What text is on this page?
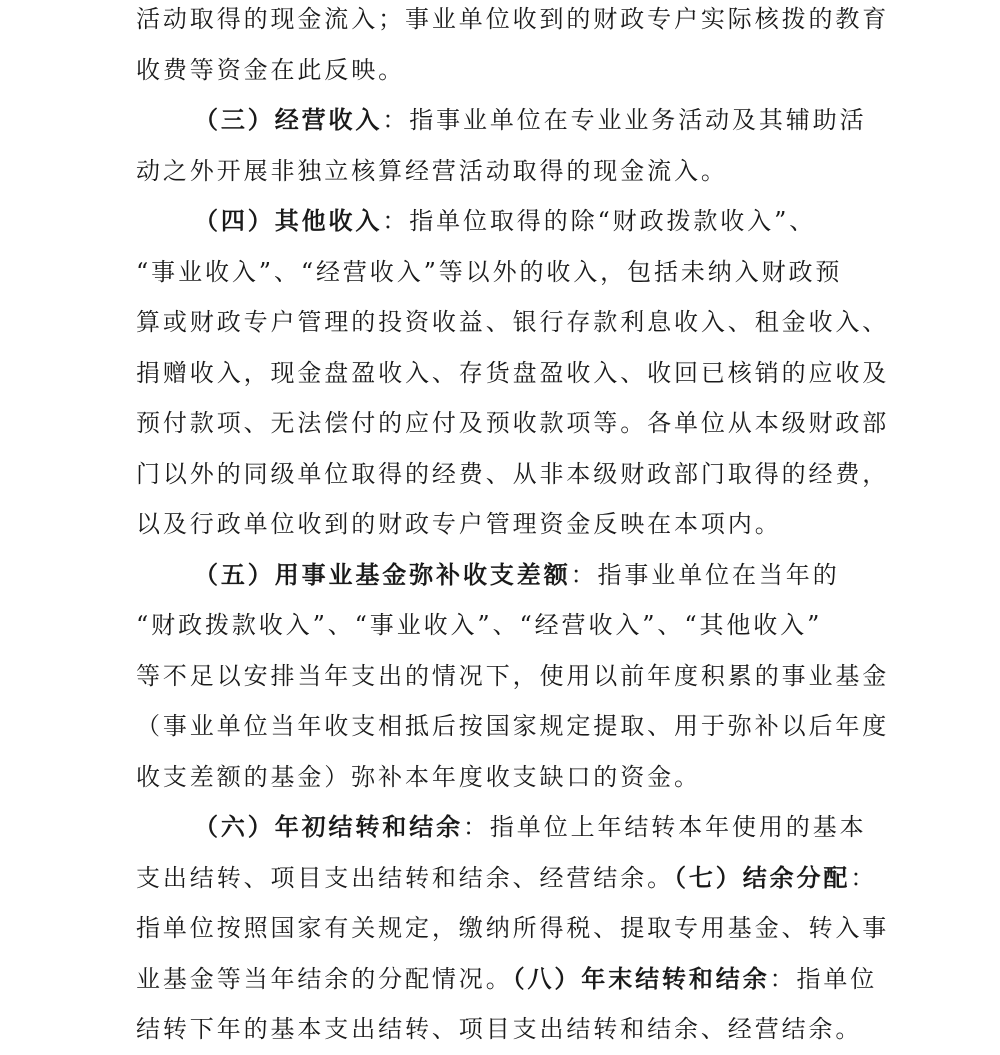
活动取得的现金流入；事业单位收到的财政专户实际核拨的教育
收费等资金在此反映。
（三）经营收入：指事业单位在专业业务活动及其辅助活
动之外开展非独立核算经营活动取得的现金流入。
（四）其他收入：指单位取得的除“财政拨款收入”、
“事业收入”、“经营收入”等以外的收入，包括未纳入财政预
算或财政专户管理的投资收益、银行存款利息收入、租金收入、
捐赠收入，现金盘盈收入、存货盘盈收入、收回已核销的应收及
预付款项、无法偿付的应付及预收款项等。各单位从本级财政部
门以外的同级单位取得的经费、从非本级财政部门取得的经费，
以及行政单位收到的财政专户管理资金反映在本项内。
（五）用事业基金弥补收支差额：指事业单位在当年的
“财政拨款收入”、“事业收入”、“经营收入”、“其他收入”
等不足以安排当年支出的情况下，使用以前年度积累的事业基金
（事业单位当年收支相抵后按国家规定提取、用于弥补以后年度
收支差额的基金）弥补本年度收支缺口的资金。
（六）年初结转和结余：指单位上年结转本年使用的基本
支出结转、项目支出结转和结余、经营结余。（七）结余分配：
指单位按照国家有关规定，缴纳所得税、提取专用基金、转入事
业基金等当年结余的分配情况。（八）年末结转和结余：指单位
结转下年的基本支出结转、项目支出结转和结余、经营结余。
